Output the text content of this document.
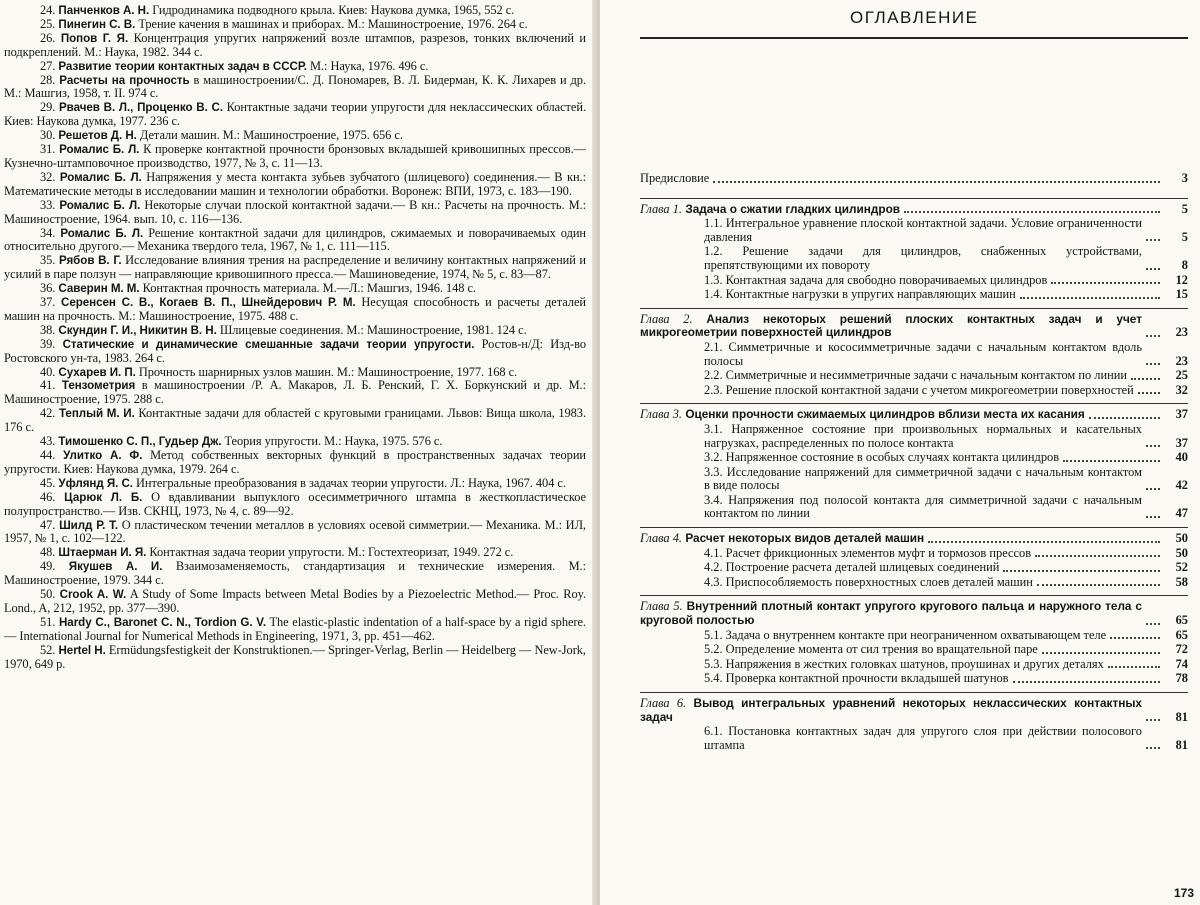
24. Панченков А. Н. Гидродинамика подводного крыла. Киев: Наукова думка, 1965, 552 с.

25. Пинегин С. В. Трение качения в машинах и приборах. М.: Машиностроение, 1976. 264 с.

26. Попов Г. Я. Концентрация упругих напряжений возле штампов, разрезов, тонких включений и подкреплений. М.: Наука, 1982. 344 с.

27. Развитие теории контактных задач в СССР. М.: Наука, 1976. 496 с.

28. Расчеты на прочность в машиностроении/С. Д. Пономарев, В. Л. Бидерман, К. К. Лихарев и др. М.: Машгиз, 1958, т. II. 974 с.

29. Рвачев В. Л., Проценко В. С. Контактные задачи теории упругости для неклассических областей. Киев: Наукова думка, 1977. 236 с.

30. Решетов Д. Н. Детали машин. М.: Машиностроение, 1975. 656 с.

31. Ромалис Б. Л. К проверке контактной прочности бронзовых вкладышей кривошипных прессов.— Кузнечно-штамповочное производство, 1977, № 3, с. 11—13.

32. Ромалис Б. Л. Напряжения у места контакта зубьев зубчатого (шлицевого) соединения.— В кн.: Математические методы в исследовании машин и технологии обработки. Воронеж: ВПИ, 1973, с. 183—190.

33. Ромалис Б. Л. Некоторые случаи плоской контактной задачи.— В кн.: Расчеты на прочность. М.: Машиностроение, 1964. вып. 10, с. 116—136.

34. Ромалис Б. Л. Решение контактной задачи для цилиндров, сжимаемых и поворачиваемых один относительно другого.— Механика твердого тела, 1967, № 1, с. 111—115.

35. Рябов В. Г. Исследование влияния трения на распределение и величину контактных напряжений и усилий в паре ползун — направляющие кривошипного пресса.— Машиноведение, 1974, № 5, с. 83—87.

36. Саверин М. М. Контактная прочность материала. М.—Л.: Машгиз, 1946. 148 с.

37. Серенсен С. В., Когаев В. П., Шнейдерович Р. М. Несущая способность и расчеты деталей машин на прочность. М.: Машиностроение, 1975. 488 с.

38. Скундин Г. И., Никитин В. Н. Шлицевые соединения. М.: Машиностроение, 1981. 124 с.

39. Статические и динамические смешанные задачи теории упругости. Ростов-н/Д: Изд-во Ростовского ун-та, 1983. 264 с.

40. Сухарев И. П. Прочность шарнирных узлов машин. М.: Машиностроение, 1977. 168 с.

41. Тензометрия в машиностроении /Р. А. Макаров, Л. Б. Ренский, Г. Х. Боркунский и др. М.: Машиностроение, 1975. 288 с.

42. Теплый М. И. Контактные задачи для областей с круговыми границами. Львов: Вища школа, 1983. 176 с.

43. Тимошенко С. П., Гудьер Дж. Теория упругости. М.: Наука, 1975. 576 с.

44. Улитко А. Ф. Метод собственных векторных функций в пространственных задачах теории упругости. Киев: Наукова думка, 1979. 264 с.

45. Уфлянд Я. С. Интегральные преобразования в задачах теории упругости. Л.: Наука, 1967. 404 с.

46. Царюк Л. Б. О вдавливании выпуклого осесимметричного штампа в жесткопластическое полупространство.— Изв. СКНЦ, 1973, № 4, с. 89—92.

47. Шилд Р. Т. О пластическом течении металлов в условиях осевой симметрии.— Механика. М.: ИЛ, 1957, № 1, с. 102—122.

48. Штаерман И. Я. Контактная задача теории упругости. М.: Гостехтеоризат, 1949. 272 с.

49. Якушев А. И. Взаимозаменяемость, стандартизация и технические измерения. М.: Машиностроение, 1979. 344 с.

50. Crook A. W. A Study of Some Impacts between Metal Bodies by a Piezoelectric Method.— Proc. Roy. Lond., A, 212, 1952, pp. 377—390.

51. Hardy C., Baronet C. N., Tordion G. V. The elastic-plastic indentation of a half-space by a rigid sphere.— International Journal for Numerical Methods in Engineering, 1971, 3, pp. 451—462.

52. Hertel H. Ermüdungsfestigkeit der Konstruktionen.— Springer-Verlag, Berlin — Heidelberg — New-Jork, 1970, 649 p.

ОГЛАВЛЕНИЕ
Предисловие	3
Глава 1. Задача о сжатии гладких цилиндров	5
1.1. Интегральное уравнение плоской контактной задачи. Условие ограниченности давления	5
1.2. Решение задачи для цилиндров, снабженных устройствами, препятствующими их повороту	8
1.3. Контактная задача для свободно поворачиваемых цилиндров	12
1.4. Контактные нагрузки в упругих направляющих машин	15
Глава 2. Анализ некоторых решений плоских контактных задач и учет микрогеометрии поверхностей цилиндров	23
2.1. Симметричные и кососимметричные задачи с начальным контактом вдоль полосы	23
2.2. Симметричные и несимметричные задачи с начальным контактом по линии	25
2.3. Решение плоской контактной задачи с учетом микрогеометрии поверхностей	32
Глава 3. Оценки прочности сжимаемых цилиндров вблизи места их касания	37
3.1. Напряженное состояние при произвольных нормальных и касательных нагрузках, распределенных по полосе контакта	37
3.2. Напряженное состояние в особых случаях контакта цилиндров	40
3.3. Исследование напряжений для симметричной задачи с начальным контактом в виде полосы	42
3.4. Напряжения под полосой контакта для симметричной задачи с начальным контактом по линии	47
Глава 4. Расчет некоторых видов деталей машин	50
4.1. Расчет фрикционных элементов муфт и тормозов прессов	50
4.2. Построение расчета деталей шлицевых соединений	52
4.3. Приспособляемость поверхностных слоев деталей машин	58
Глава 5. Внутренний плотный контакт упругого кругового пальца и наружного тела с круговой полостью	65
5.1. Задача о внутреннем контакте при неограниченном охватывающем теле	65
5.2. Определение момента от сил трения во вращательной паре	72
5.3. Напряжения в жестких головках шатунов, проушинах и других деталях	74
5.4. Проверка контактной прочности вкладышей шатунов	78
Глава 6. Вывод интегральных уравнений некоторых неклассических контактных задач	81
6.1. Постановка контактных задач для упругого слоя при действии полосового штампа	81
173
